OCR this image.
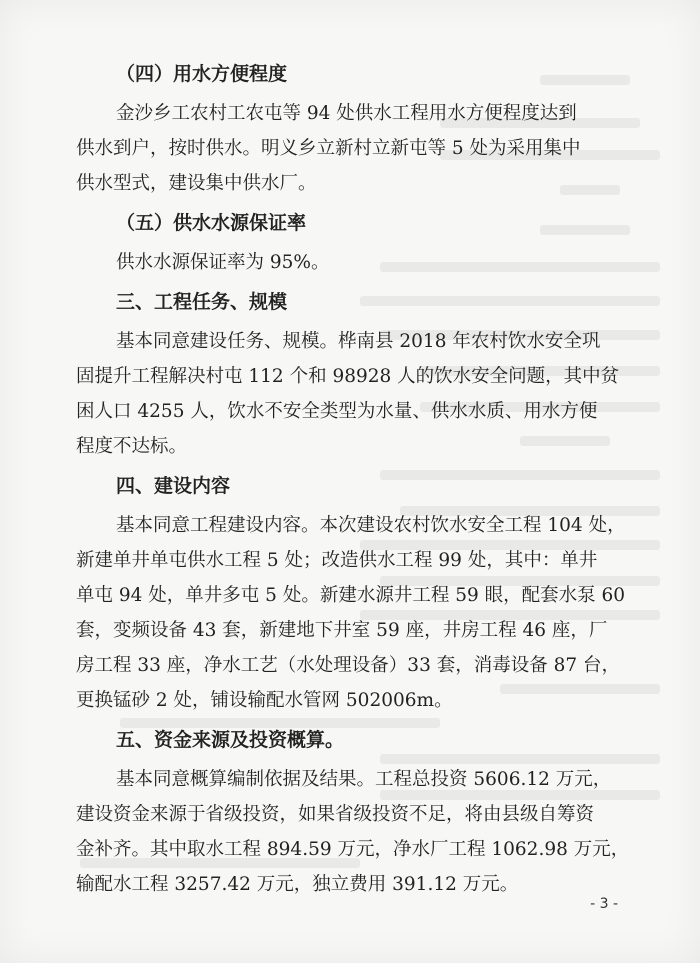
（四）用水方便程度

金沙乡工农村工农屯等 94 处供水工程用水方便程度达到
供水到户，按时供水。明义乡立新村立新屯等 5 处为采用集中
供水型式，建设集中供水厂。

（五）供水水源保证率

供水水源保证率为 95%。

三、工程任务、规模

基本同意建设任务、规模。桦南县 2018 年农村饮水安全巩
固提升工程解决村屯 112 个和 98928 人的饮水安全问题，其中贫
困人口 4255 人，饮水不安全类型为水量、供水水质、用水方便
程度不达标。

四、建设内容

基本同意工程建设内容。本次建设农村饮水安全工程 104 处，
新建单井单屯供水工程 5 处；改造供水工程 99 处，其中：单井
单屯 94 处，单井多屯 5 处。新建水源井工程 59 眼，配套水泵 60
套，变频设备 43 套，新建地下井室 59 座，井房工程 46 座，厂
房工程 33 座，净水工艺（水处理设备）33 套，消毒设备 87 台，
更换锰砂 2 处，铺设输配水管网 502006m。

五、资金来源及投资概算。

基本同意概算编制依据及结果。工程总投资 5606.12 万元，
建设资金来源于省级投资，如果省级投资不足，将由县级自筹资
金补齐。其中取水工程 894.59 万元，净水厂工程 1062.98 万元，
输配水工程 3257.42 万元，独立费用 391.12 万元。

- 3 -
